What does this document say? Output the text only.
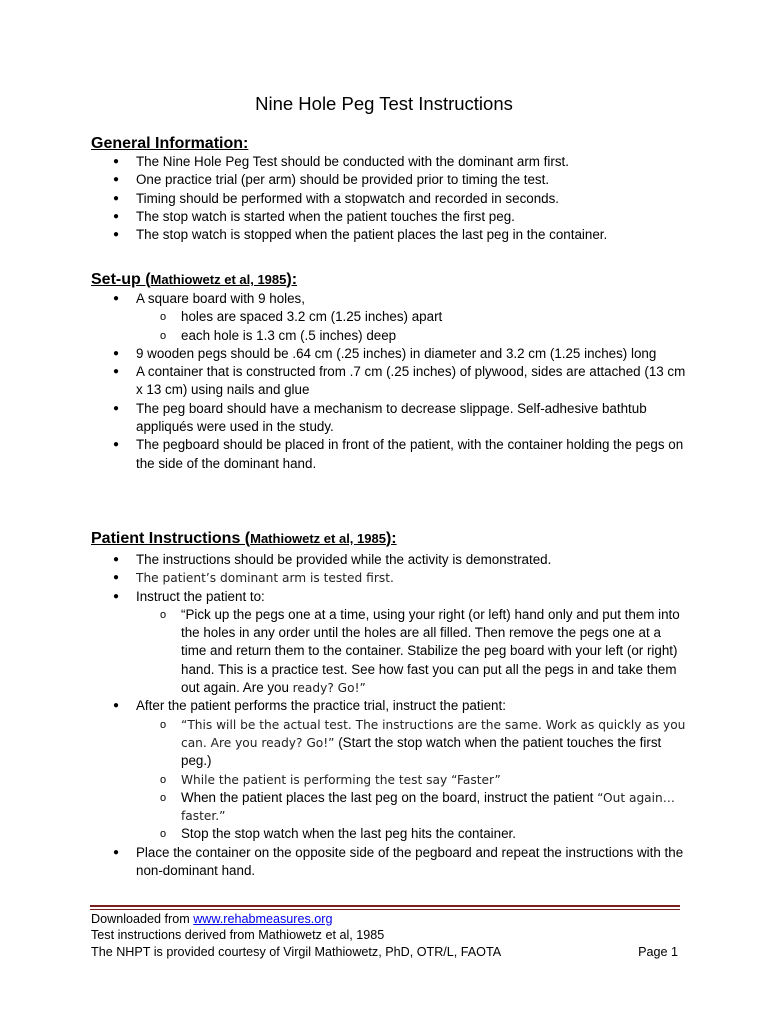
Nine Hole Peg Test Instructions
General Information:
● The Nine Hole Peg Test should be conducted with the dominant arm first.
● One practice trial (per arm) should be provided prior to timing the test.
● Timing should be performed with a stopwatch and recorded in seconds.
● The stop watch is started when the patient touches the first peg.
● The stop watch is stopped when the patient places the last peg in the container.
Set-up (Mathiowetz et al, 1985):
● A square board with 9 holes,
o holes are spaced 3.2 cm (1.25 inches) apart
o each hole is 1.3 cm (.5 inches) deep
● 9 wooden pegs should be .64 cm (.25 inches) in diameter and 3.2 cm (1.25 inches) long
● A container that is constructed from .7 cm (.25 inches) of plywood, sides are attached (13 cm x 13 cm) using nails and glue
● The peg board should have a mechanism to decrease slippage. Self-adhesive bathtub appliqués were used in the study.
● The pegboard should be placed in front of the patient, with the container holding the pegs on the side of the dominant hand.
Patient Instructions (Mathiowetz et al, 1985):
● The instructions should be provided while the activity is demonstrated.
● The patient’s dominant arm is tested first.
● Instruct the patient to:
o “Pick up the pegs one at a time, using your right (or left) hand only and put them into the holes in any order until the holes are all filled. Then remove the pegs one at a time and return them to the container. Stabilize the peg board with your left (or right) hand. This is a practice test. See how fast you can put all the pegs in and take them out again. Are you ready? Go!”
● After the patient performs the practice trial, instruct the patient:
o “This will be the actual test. The instructions are the same. Work as quickly as you can. Are you ready? Go!” (Start the stop watch when the patient touches the first peg.)
o While the patient is performing the test say “Faster”
o When the patient places the last peg on the board, instruct the patient “Out again…faster.”
o Stop the stop watch when the last peg hits the container.
● Place the container on the opposite side of the pegboard and repeat the instructions with the non-dominant hand.
Downloaded from www.rehabmeasures.org
Test instructions derived from Mathiowetz et al, 1985
The NHPT is provided courtesy of Virgil Mathiowetz, PhD, OTR/L, FAOTA	Page 1
